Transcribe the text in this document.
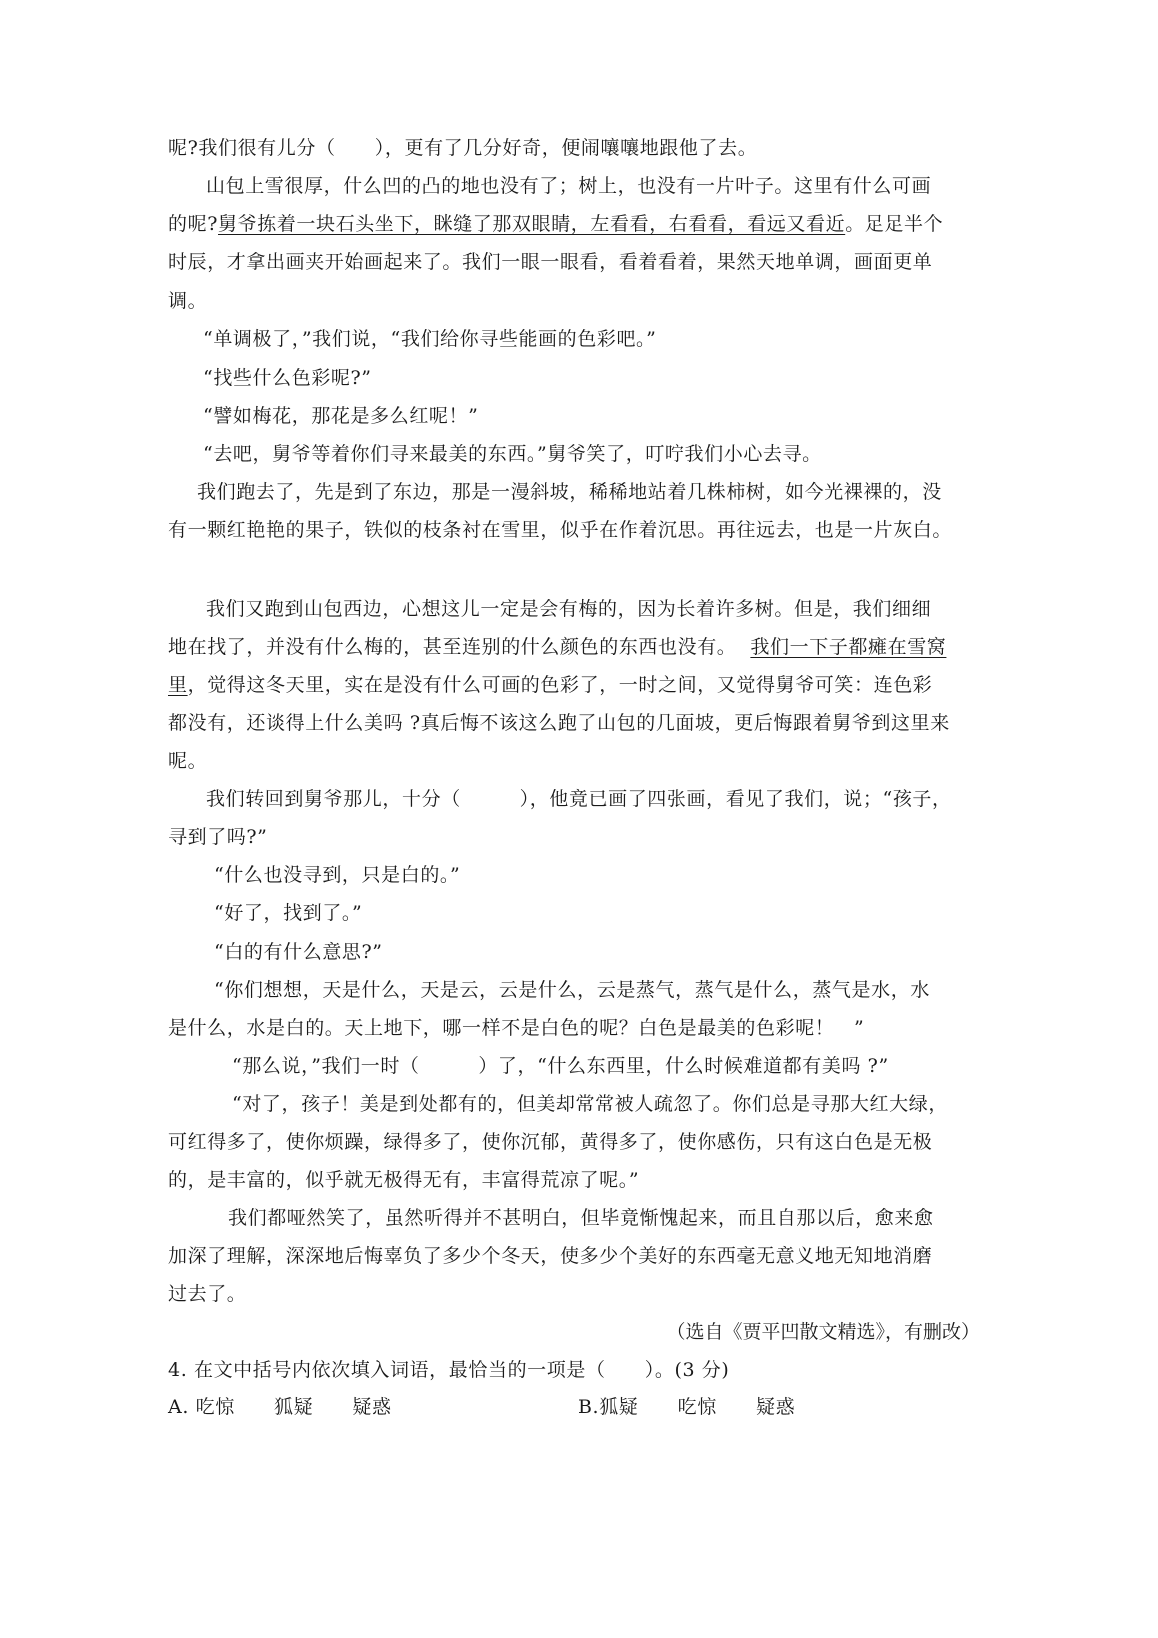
呢?我们很有儿分（　　），更有了几分好奇，便闹嚷嚷地跟他了去。
山包上雪很厚，什么凹的凸的地也没有了；树上，也没有一片叶子。这里有什么可画
的呢?舅爷拣着一块石头坐下，眯缝了那双眼睛，左看看，右看看，看远又看近。足足半个
时辰，才拿出画夹开始画起来了。我们一眼一眼看，看着看着，果然天地单调，画面更单
调。
“单调极了，”我们说，“我们给你寻些能画的色彩吧。”
“找些什么色彩呢?”
“譬如梅花，那花是多么红呢！”
“去吧，舅爷等着你们寻来最美的东西。”舅爷笑了，叮咛我们小心去寻。
我们跑去了，先是到了东边，那是一漫斜坡，稀稀地站着几株柿树，如今光裸裸的，没
有一颗红艳艳的果子，铁似的枝条衬在雪里，似乎在作着沉思。再往远去，也是一片灰白。
我们又跑到山包西边，心想这儿一定是会有梅的，因为长着许多树。但是，我们细细
地在找了，并没有什么梅的，甚至连别的什么颜色的东西也没有。 我们一下子都瘫在雪窝
里，觉得这冬天里，实在是没有什么可画的色彩了，一时之间，又觉得舅爷可笑：连色彩
都没有，还谈得上什么美吗 ?真后悔不该这么跑了山包的几面坡，更后悔跟着舅爷到这里来
呢。
我们转回到舅爷那儿，十分（　　　），他竟已画了四张画，看见了我们，说；“孩子，
寻到了吗?”
“什么也没寻到，只是白的。”
“好了，找到了。”
“白的有什么意思?”
“你们想想，天是什么，天是云，云是什么，云是蒸气，蒸气是什么，蒸气是水，水
是什么，水是白的。天上地下，哪一样不是白色的呢？白色是最美的色彩呢！　”
“那么说，”我们一时（　　　）了，“什么东西里，什么时候难道都有美吗 ?”
“对了，孩子！美是到处都有的，但美却常常被人疏忽了。你们总是寻那大红大绿，
可红得多了，使你烦躁，绿得多了，使你沉郁，黄得多了，使你感伤，只有这白色是无极
的，是丰富的，似乎就无极得无有，丰富得荒凉了呢。”
我们都哑然笑了，虽然听得并不甚明白，但毕竟惭愧起来，而且自那以后，愈来愈
加深了理解，深深地后悔辜负了多少个冬天，使多少个美好的东西毫无意义地无知地消磨
过去了。
（选自《贾平凹散文精选》，有删改）
4. 在文中括号内依次填入词语，最恰当的一项是（　　）。(3 分)
A. 吃惊　　狐疑　　疑惑	B.狐疑　　吃惊　　疑惑
